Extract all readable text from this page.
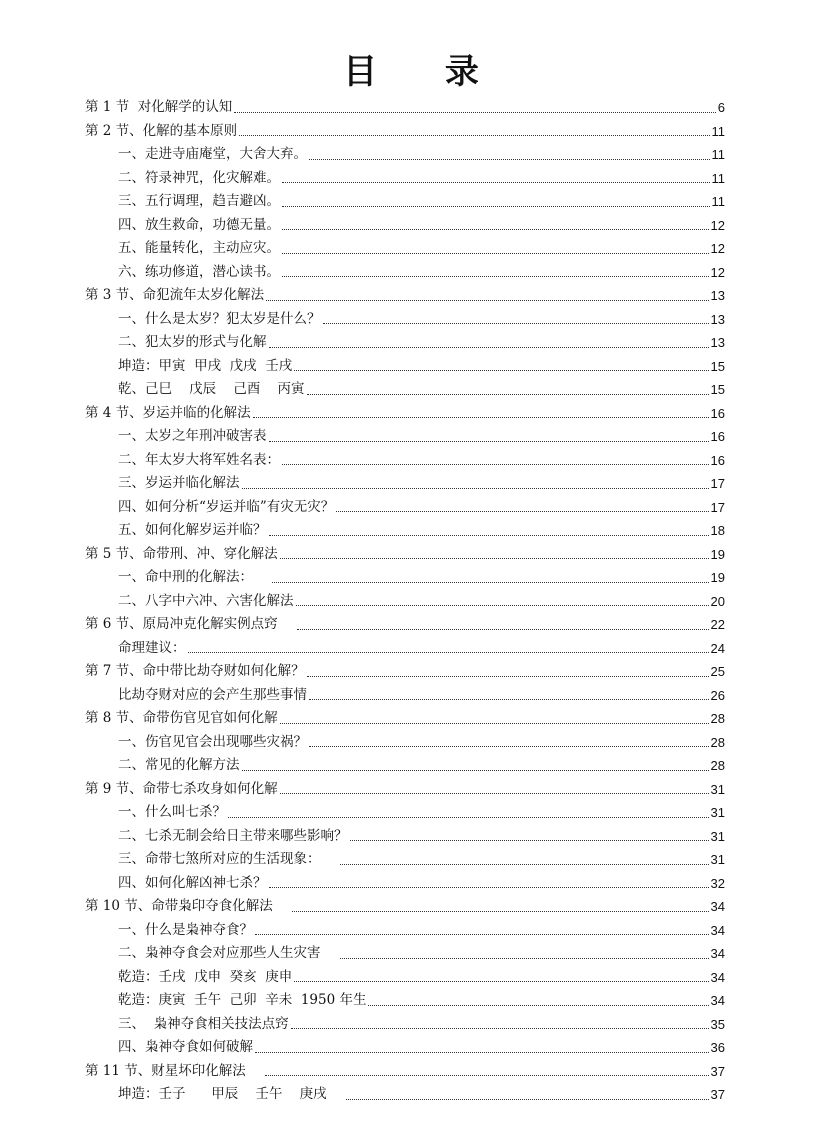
目 录
第 1 节  对化解学的认知	6
第 2 节、化解的基本原则	11
一、走进寺庙庵堂，大舍大弃。	11
二、符录神咒，化灾解难。	11
三、五行调理，趋吉避凶。	11
四、放生救命，功德无量。	12
五、能量转化，主动应灾。	12
六、练功修道，潜心读书。	12
第 3 节、命犯流年太岁化解法	13
一、什么是太岁？犯太岁是什么？	13
二、犯太岁的形式与化解	13
坤造：甲寅  甲戌  戊戌  壬戌	15
乾、己巳    戊辰    己酉    丙寅	15
第 4 节、岁运并临的化解法	16
一、太岁之年刑冲破害表	16
二、年太岁大将军姓名表：	16
三、岁运并临化解法	17
四、如何分析“岁运并临”有灾无灾？	17
五、如何化解岁运并临？	18
第 5 节、命带刑、冲、穿化解法	19
一、命中刑的化解法：	19
二、八字中六冲、六害化解法	20
第 6 节、原局冲克化解实例点窍	22
命理建议：	24
第 7 节、命中带比劫夺财如何化解？	25
比劫夺财对应的会产生那些事情	26
第 8 节、命带伤官见官如何化解	28
一、伤官见官会出现哪些灾祸？	28
二、常见的化解方法	28
第 9 节、命带七杀攻身如何化解	31
一、什么叫七杀？	31
二、七杀无制会给日主带来哪些影响？	31
三、命带七煞所对应的生活现象：	31
四、如何化解凶神七杀？	32
第 10 节、命带枭印夺食化解法	34
一、什么是枭神夺食？	34
二、枭神夺食会对应那些人生灾害	34
乾造：壬戌  戊申  癸亥  庚申	34
乾造：庚寅  壬午  己卯  辛未  1950 年生	34
三、  枭神夺食相关技法点窍	35
四、枭神夺食如何破解	36
第 11 节、财星坏印化解法	37
坤造：壬子      甲辰    壬午    庚戌	37
